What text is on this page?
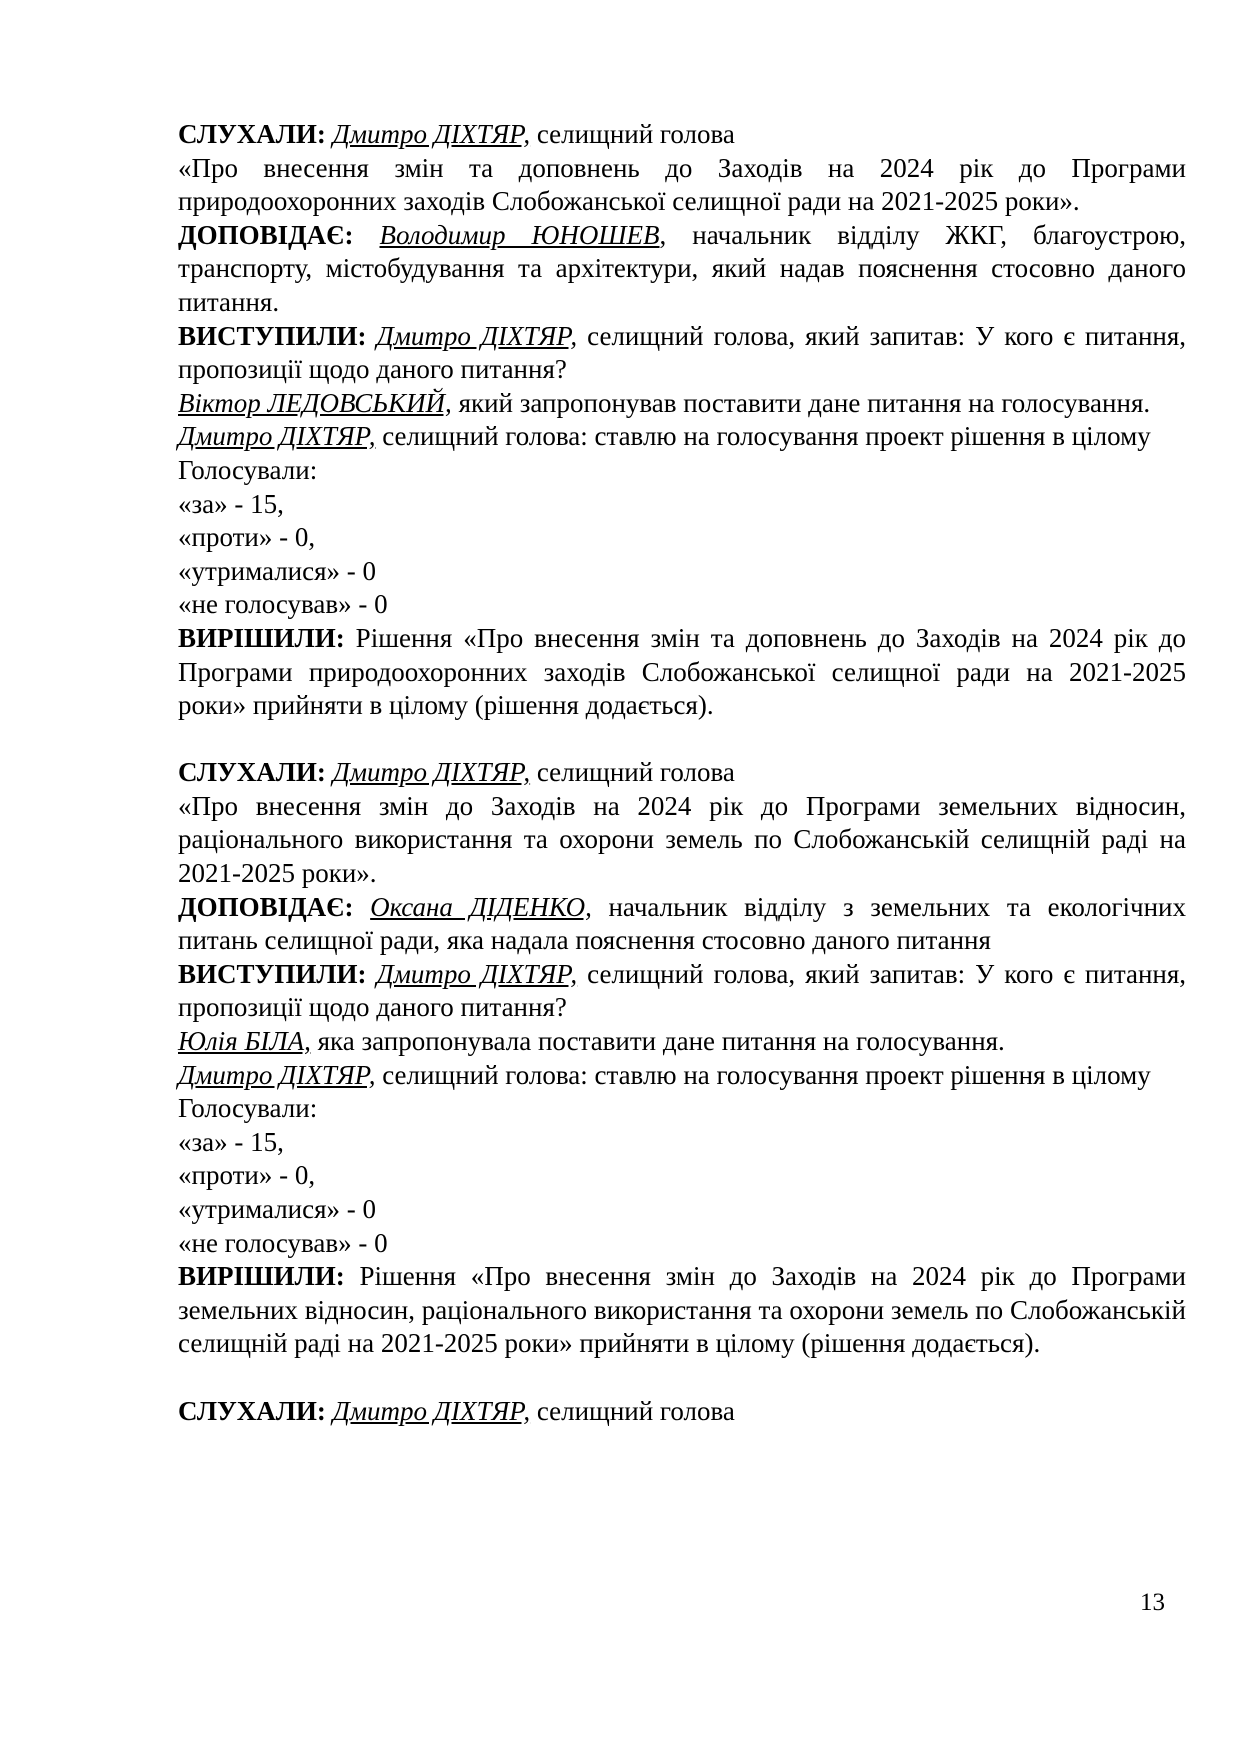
СЛУХАЛИ: Дмитро ДІХТЯР, селищний голова

«Про внесення змін та доповнень до Заходів на 2024 рік до Програми природоохоронних заходів Слобожанської селищної ради на 2021-2025 роки».

ДОПОВІДАЄ: Володимир ЮНОШЕВ, начальник відділу ЖКГ, благоустрою, транспорту, містобудування та архітектури, який надав пояснення стосовно даного питання.

ВИСТУПИЛИ: Дмитро ДІХТЯР, селищний голова, який запитав: У кого є питання, пропозиції щодо даного питання?

Віктор ЛЕДОВСЬКИЙ, який запропонував поставити дане питання на голосування.

Дмитро ДІХТЯР, селищний голова: ставлю на голосування проект рішення в цілому

Голосували:

«за» - 15,

«проти» - 0,

«утрималися» - 0

«не голосував» - 0

ВИРІШИЛИ: Рішення «Про внесення змін та доповнень до Заходів на 2024 рік до Програми природоохоронних заходів Слобожанської селищної ради на 2021-2025 роки» прийняти в цілому (рішення додається).

СЛУХАЛИ: Дмитро ДІХТЯР, селищний голова

«Про внесення змін до Заходів на 2024 рік до Програми земельних відносин, раціонального використання та охорони земель по Слобожанській селищній раді на 2021-2025 роки».

ДОПОВІДАЄ: Оксана ДІДЕНКО, начальник відділу з земельних та екологічних питань селищної ради, яка надала пояснення стосовно даного питання

ВИСТУПИЛИ: Дмитро ДІХТЯР, селищний голова, який запитав: У кого є питання, пропозиції щодо даного питання?

Юлія БІЛА, яка запропонувала поставити дане питання на голосування.

Дмитро ДІХТЯР, селищний голова: ставлю на голосування проект рішення в цілому

Голосували:

«за» - 15,

«проти» - 0,

«утрималися» - 0

«не голосував» - 0

ВИРІШИЛИ: Рішення «Про внесення змін до Заходів на 2024 рік до Програми земельних відносин, раціонального використання та охорони земель по Слобожанській селищній раді на 2021-2025 роки» прийняти в цілому (рішення додається).

СЛУХАЛИ: Дмитро ДІХТЯР, селищний голова

13
